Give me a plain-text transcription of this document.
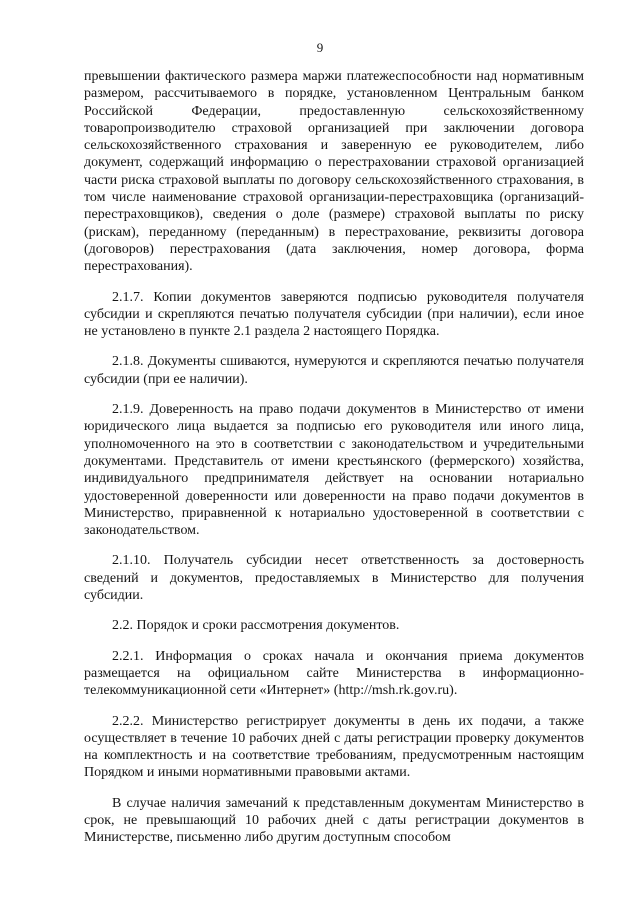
9

превышении фактического размера маржи платежеспособности над нормативным размером, рассчитываемого в порядке, установленном Центральным банком Российской Федерации, предоставленную сельскохозяйственному товаропроизводителю страховой организацией при заключении договора сельскохозяйственного страхования и заверенную ее руководителем, либо документ, содержащий информацию о перестраховании страховой организацией части риска страховой выплаты по договору сельскохозяйственного страхования, в том числе наименование страховой организации-перестраховщика (организаций-перестраховщиков), сведения о доле (размере) страховой выплаты по риску (рискам), переданному (переданным) в перестрахование, реквизиты договора (договоров) перестрахования (дата заключения, номер договора, форма перестрахования).

2.1.7. Копии документов заверяются подписью руководителя получателя субсидии и скрепляются печатью получателя субсидии (при наличии), если иное не установлено в пункте 2.1 раздела 2 настоящего Порядка.

2.1.8. Документы сшиваются, нумеруются и скрепляются печатью получателя субсидии (при ее наличии).

2.1.9. Доверенность на право подачи документов в Министерство от имени юридического лица выдается за подписью его руководителя или иного лица, уполномоченного на это в соответствии с законодательством и учредительными документами. Представитель от имени крестьянского (фермерского) хозяйства, индивидуального предпринимателя действует на основании нотариально удостоверенной доверенности или доверенности на право подачи документов в Министерство, приравненной к нотариально удостоверенной в соответствии с законодательством.

2.1.10. Получатель субсидии несет ответственность за достоверность сведений и документов, предоставляемых в Министерство для получения субсидии.

2.2. Порядок и сроки рассмотрения документов.

2.2.1. Информация о сроках начала и окончания приема документов размещается на официальном сайте Министерства в информационно-телекоммуникационной сети «Интернет» (http://msh.rk.gov.ru).

2.2.2. Министерство регистрирует документы в день их подачи, а также осуществляет в течение 10 рабочих дней с даты регистрации проверку документов на комплектность и на соответствие требованиям, предусмотренным настоящим Порядком и иными нормативными правовыми актами.

В случае наличия замечаний к представленным документам Министерство в срок, не превышающий 10 рабочих дней с даты регистрации документов в Министерстве, письменно либо другим доступным способом
